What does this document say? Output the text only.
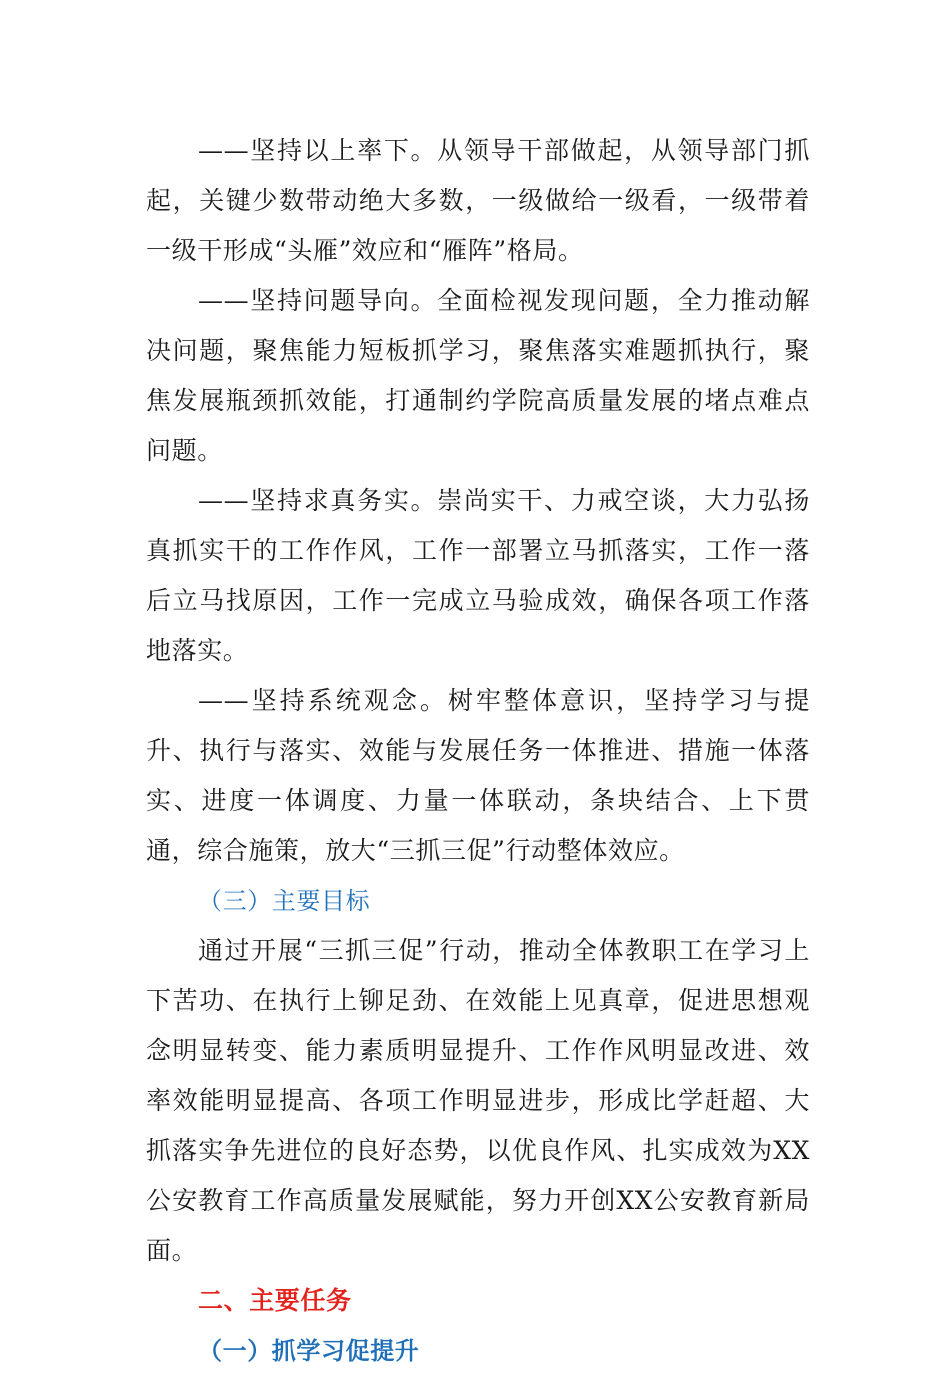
——坚持以上率下。从领导干部做起，从领导部门抓起，关键少数带动绝大多数，一级做给一级看，一级带着一级干形成“头雁”效应和“雁阵”格局。

——坚持问题导向。全面检视发现问题，全力推动解决问题，聚焦能力短板抓学习，聚焦落实难题抓执行，聚焦发展瓶颈抓效能，打通制约学院高质量发展的堵点难点问题。

——坚持求真务实。崇尚实干、力戒空谈，大力弘扬真抓实干的工作作风，工作一部署立马抓落实，工作一落后立马找原因，工作一完成立马验成效，确保各项工作落地落实。

——坚持系统观念。树牢整体意识，坚持学习与提升、执行与落实、效能与发展任务一体推进、措施一体落实、进度一体调度、力量一体联动，条块结合、上下贯通，综合施策，放大“三抓三促”行动整体效应。

（三）主要目标

通过开展“三抓三促”行动，推动全体教职工在学习上下苦功、在执行上铆足劲、在效能上见真章，促进思想观念明显转变、能力素质明显提升、工作作风明显改进、效率效能明显提高、各项工作明显进步，形成比学赶超、大抓落实争先进位的良好态势，以优良作风、扎实成效为XX公安教育工作高质量发展赋能，努力开创XX公安教育新局面。

二、主要任务

（一）抓学习促提升
